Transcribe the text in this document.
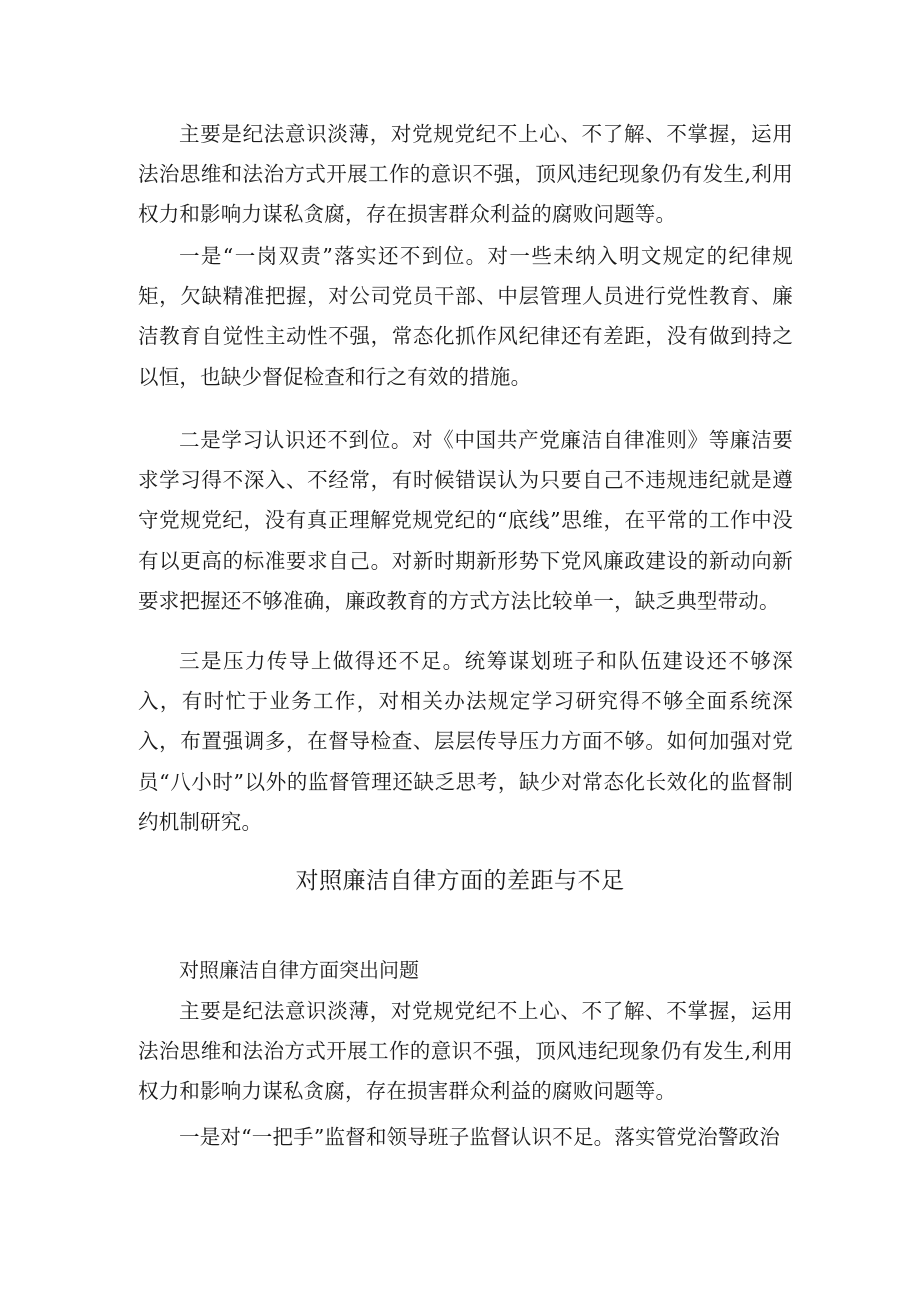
主要是纪法意识淡薄，对党规党纪不上心、不了解、不掌握，运用法治思维和法治方式开展工作的意识不强，顶风违纪现象仍有发生,利用权力和影响力谋私贪腐，存在损害群众利益的腐败问题等。

一是“一岗双责”落实还不到位。对一些未纳入明文规定的纪律规矩，欠缺精准把握，对公司党员干部、中层管理人员进行党性教育、廉洁教育自觉性主动性不强，常态化抓作风纪律还有差距，没有做到持之以恒，也缺少督促检查和行之有效的措施。

二是学习认识还不到位。对《中国共产党廉洁自律准则》等廉洁要求学习得不深入、不经常，有时候错误认为只要自己不违规违纪就是遵守党规党纪，没有真正理解党规党纪的“底线”思维，在平常的工作中没有以更高的标准要求自己。对新时期新形势下党风廉政建设的新动向新要求把握还不够准确，廉政教育的方式方法比较单一，缺乏典型带动。

三是压力传导上做得还不足。统筹谋划班子和队伍建设还不够深入，有时忙于业务工作，对相关办法规定学习研究得不够全面系统深入，布置强调多，在督导检查、层层传导压力方面不够。如何加强对党员“八小时”以外的监督管理还缺乏思考，缺少对常态化长效化的监督制约机制研究。

对照廉洁自律方面的差距与不足

对照廉洁自律方面突出问题

主要是纪法意识淡薄，对党规党纪不上心、不了解、不掌握，运用法治思维和法治方式开展工作的意识不强，顶风违纪现象仍有发生,利用权力和影响力谋私贪腐，存在损害群众利益的腐败问题等。

一是对“一把手”监督和领导班子监督认识不足。落实管党治警政治
